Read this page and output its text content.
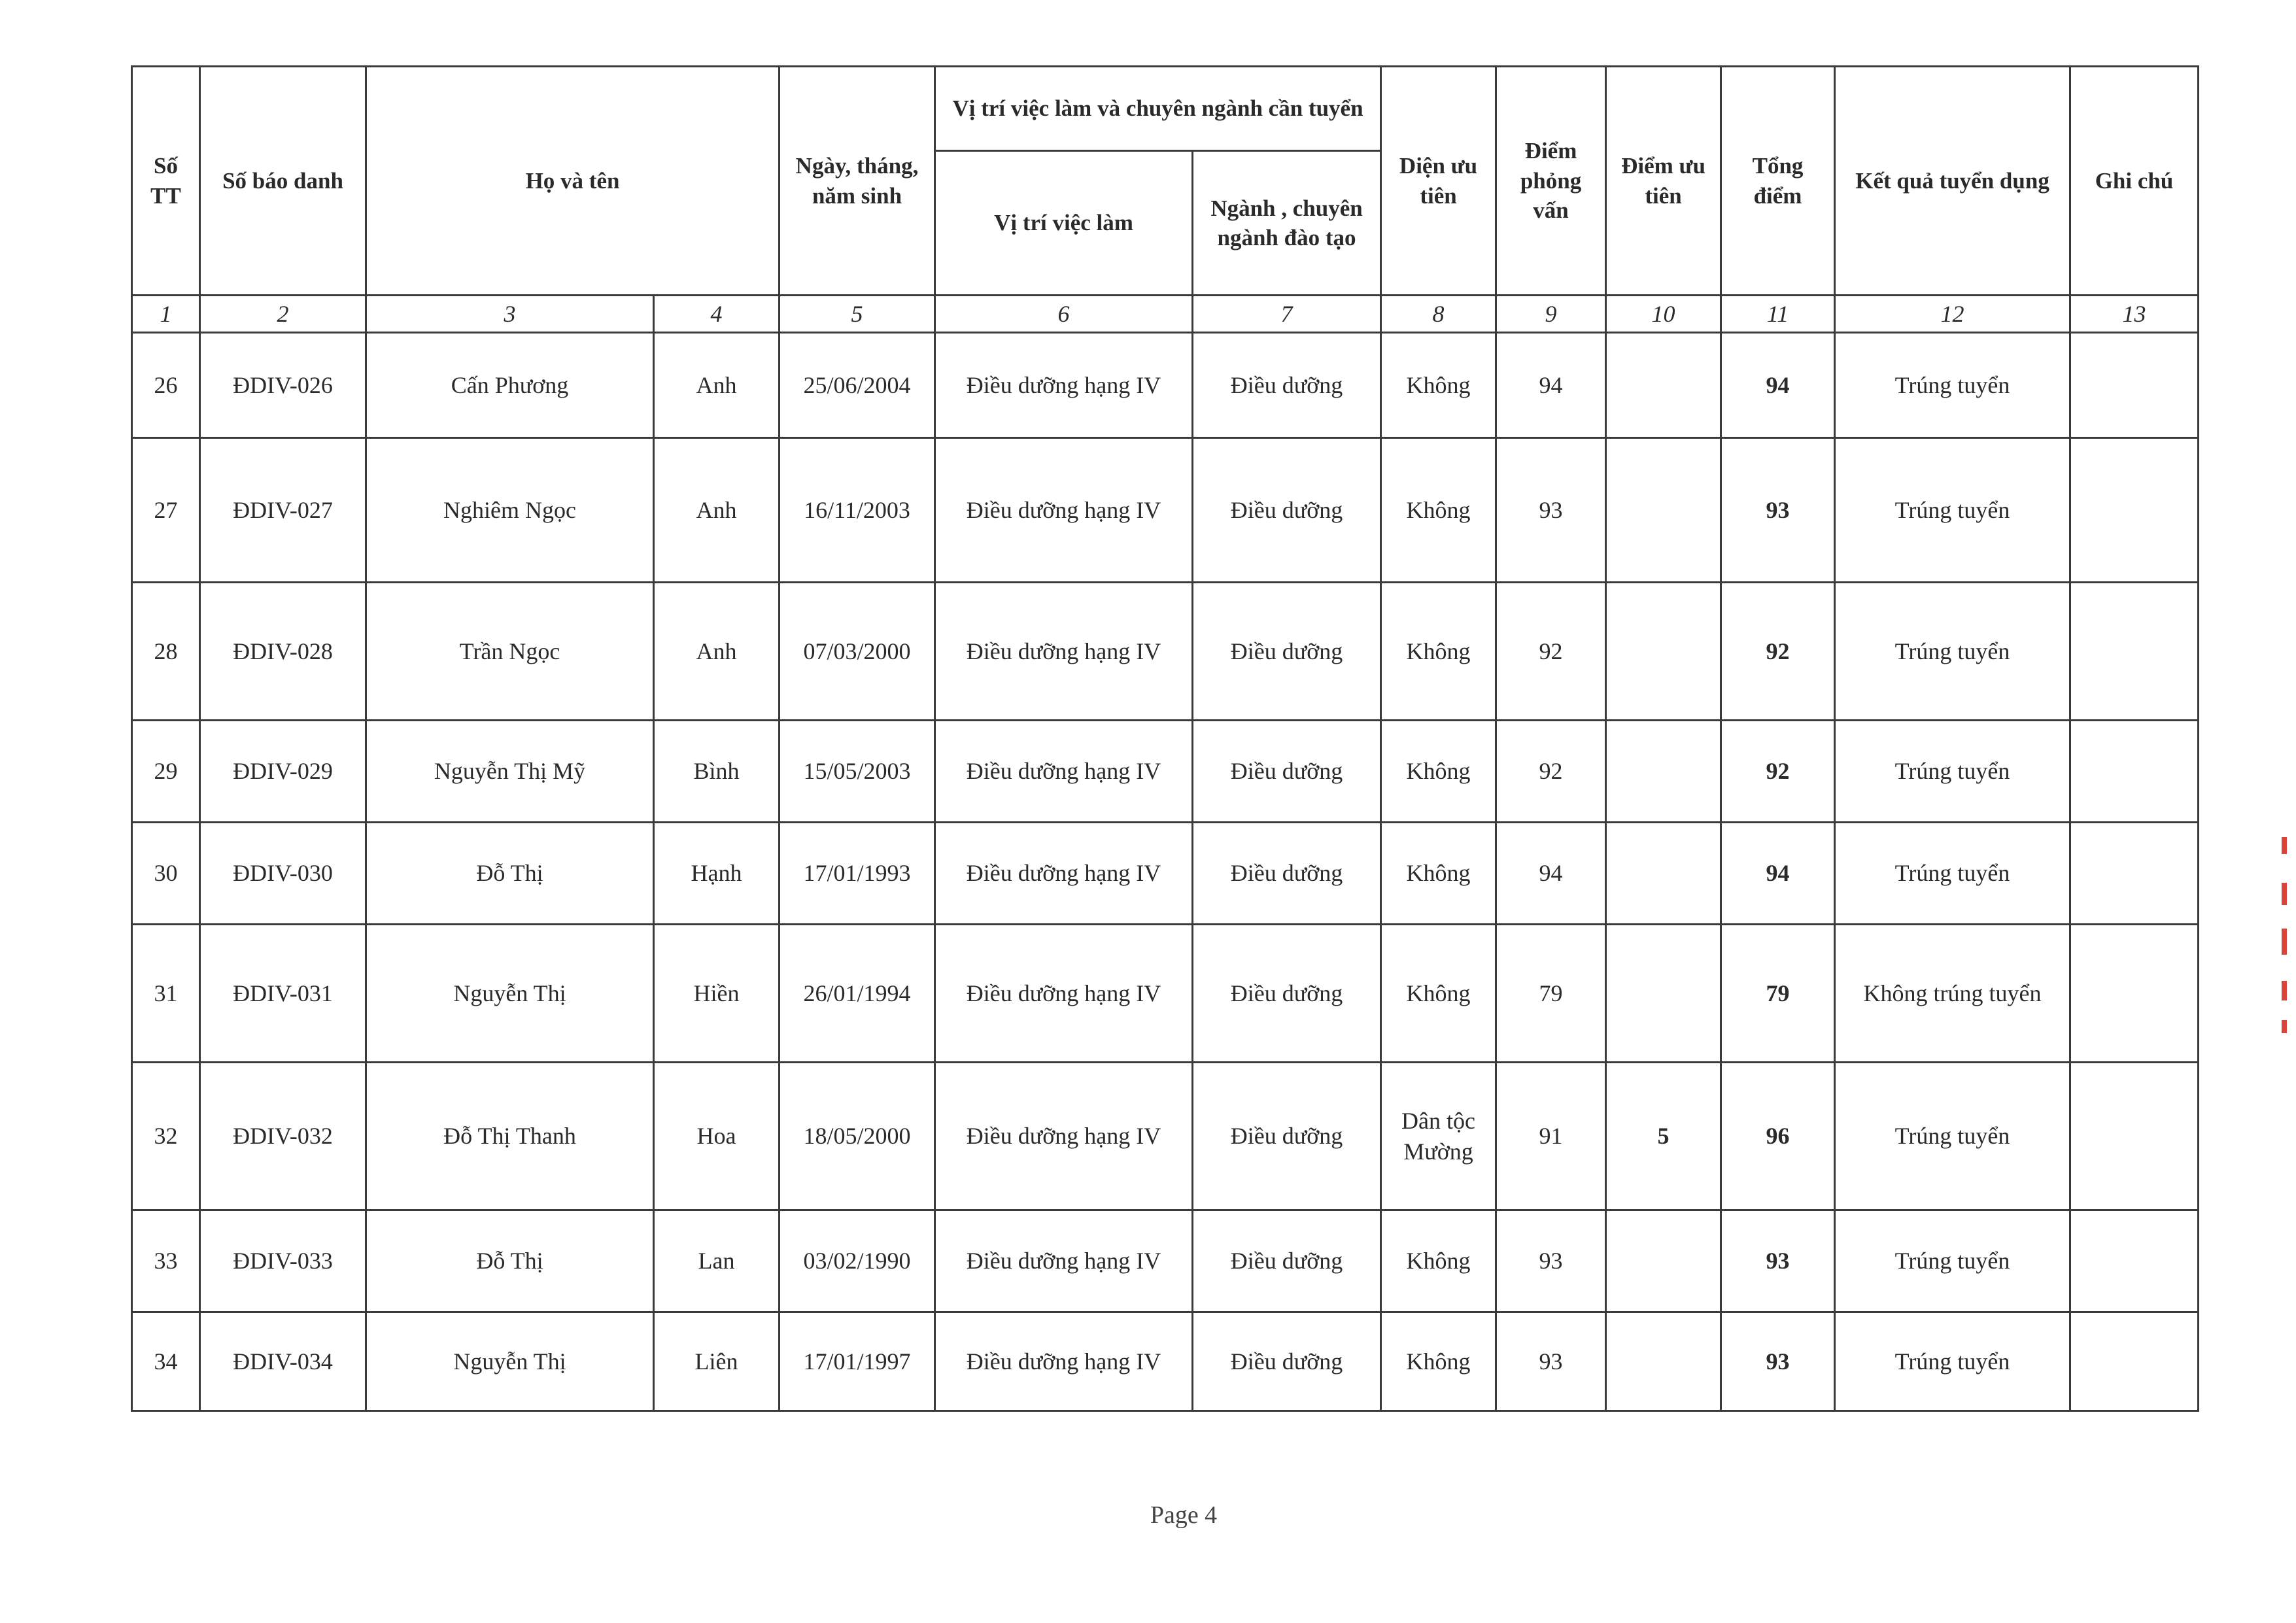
Số TT	Số báo danh	Họ và tên		Ngày, tháng, năm sinh	Vị trí việc làm và chuyên ngành cần tuyển		Diện ưu tiên	Điểm phỏng vấn	Điểm ưu tiên	Tổng điểm	Kết quả tuyển dụng	Ghi chú
					Vị trí việc làm	Ngành , chuyên ngành đào tạo						
1	2	3	4	5	6	7	8	9	10	11	12	13
26	ĐDIV-026	Cấn Phương	Anh	25/06/2004	Điều dưỡng hạng IV	Điều dưỡng	Không	94		94	Trúng tuyển	
27	ĐDIV-027	Nghiêm Ngọc	Anh	16/11/2003	Điều dưỡng hạng IV	Điều dưỡng	Không	93		93	Trúng tuyển	
28	ĐDIV-028	Trần Ngọc	Anh	07/03/2000	Điều dưỡng hạng IV	Điều dưỡng	Không	92		92	Trúng tuyển	
29	ĐDIV-029	Nguyễn Thị Mỹ	Bình	15/05/2003	Điều dưỡng hạng IV	Điều dưỡng	Không	92		92	Trúng tuyển	
30	ĐDIV-030	Đỗ Thị	Hạnh	17/01/1993	Điều dưỡng hạng IV	Điều dưỡng	Không	94		94	Trúng tuyển	
31	ĐDIV-031	Nguyễn Thị	Hiền	26/01/1994	Điều dưỡng hạng IV	Điều dưỡng	Không	79		79	Không trúng tuyển	
32	ĐDIV-032	Đỗ Thị Thanh	Hoa	18/05/2000	Điều dưỡng hạng IV	Điều dưỡng	Dân tộc Mường	91	5	96	Trúng tuyển	
33	ĐDIV-033	Đỗ Thị	Lan	03/02/1990	Điều dưỡng hạng IV	Điều dưỡng	Không	93		93	Trúng tuyển	
34	ĐDIV-034	Nguyễn Thị	Liên	17/01/1997	Điều dưỡng hạng IV	Điều dưỡng	Không	93		93	Trúng tuyển	
Page 4
